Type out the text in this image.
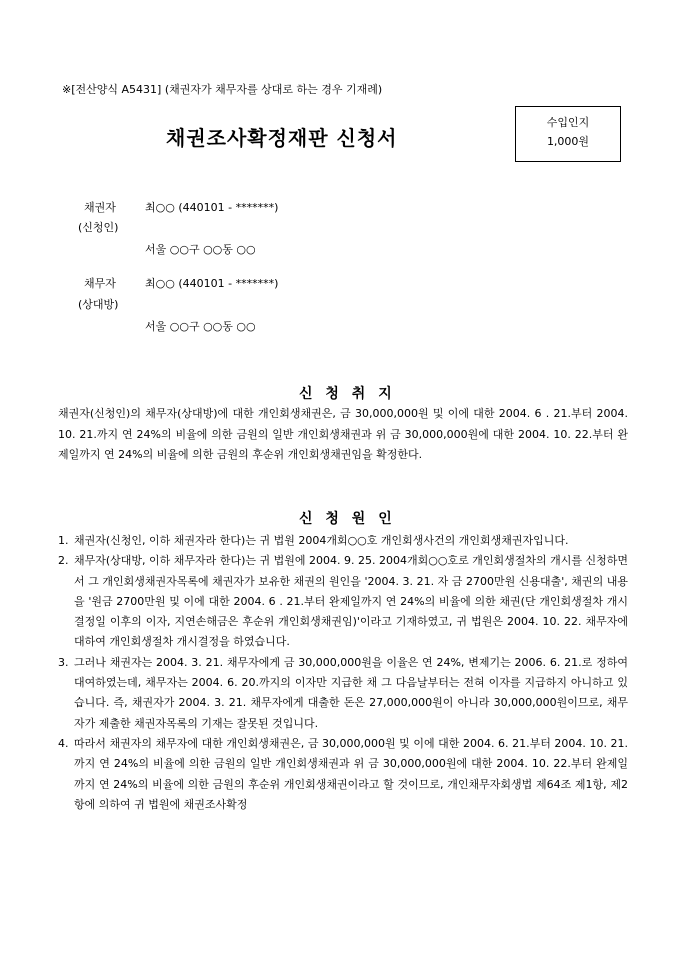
※[전산양식 A5431] (채권자가 채무자를 상대로 하는 경우 기재례)
채권조사확정재판 신청서
수입인지
1,000원
채권자	최○○ (440101 - *******)
(신청인)
서울 ○○구 ○○동 ○○
채무자	최○○ (440101 - *******)
(상대방)
서울 ○○구 ○○동 ○○
신 청 취 지
채권자(신청인)의 채무자(상대방)에 대한 개인회생채권은, 금 30,000,000원 및 이에 대한 2004. 6 . 21.부터 2004. 10. 21.까지 연 24%의 비율에 의한 금원의 일반 개인회생채권과 위 금 30,000,000원에 대한 2004. 10. 22.부터 완제일까지 연 24%의 비율에 의한 금원의 후순위 개인회생채권임을 확정한다.
신 청 원 인
1. 채권자(신청인, 이하 채권자라 한다)는 귀 법원 2004개회○○호 개인회생사건의 개인회생채권자입니다.
2. 채무자(상대방, 이하 채무자라 한다)는 귀 법원에 2004. 9. 25. 2004개회○○호로 개인회생절차의 개시를 신청하면서 그 개인회생채권자목록에 채권자가 보유한 채권의 원인을 '2004. 3. 21. 자 금 2700만원 신용대출', 채권의 내용을 '원금 2700만원 및 이에 대한 2004. 6 . 21.부터 완제일까지 연 24%의 비율에 의한 채권(단 개인회생절차 개시결정일 이후의 이자, 지연손해금은 후순위 개인회생채권임)'이라고 기재하였고, 귀 법원은 2004. 10. 22. 채무자에 대하여 개인회생절차 개시결정을 하였습니다.
3. 그러나 채권자는 2004. 3. 21. 채무자에게 금 30,000,000원을 이율은 연 24%, 변제기는 2006. 6. 21.로 정하여 대여하였는데, 채무자는 2004. 6. 20.까지의 이자만 지급한 채 그 다음날부터는 전혀 이자를 지급하지 아니하고 있습니다. 즉, 채권자가 2004. 3. 21. 채무자에게 대출한 돈은 27,000,000원이 아니라 30,000,000원이므로, 채무자가 제출한 채권자목록의 기재는 잘못된 것입니다.
4. 따라서 채권자의 채무자에 대한 개인회생채권은, 금 30,000,000원 및 이에 대한 2004. 6. 21.부터 2004. 10. 21.까지 연 24%의 비율에 의한 금원의 일반 개인회생채권과 위 금 30,000,000원에 대한 2004. 10. 22.부터 완제일까지 연 24%의 비율에 의한 금원의 후순위 개인회생채권이라고 할 것이므로, 개인채무자회생법 제64조 제1항, 제2항에 의하여 귀 법원에 채권조사확정
